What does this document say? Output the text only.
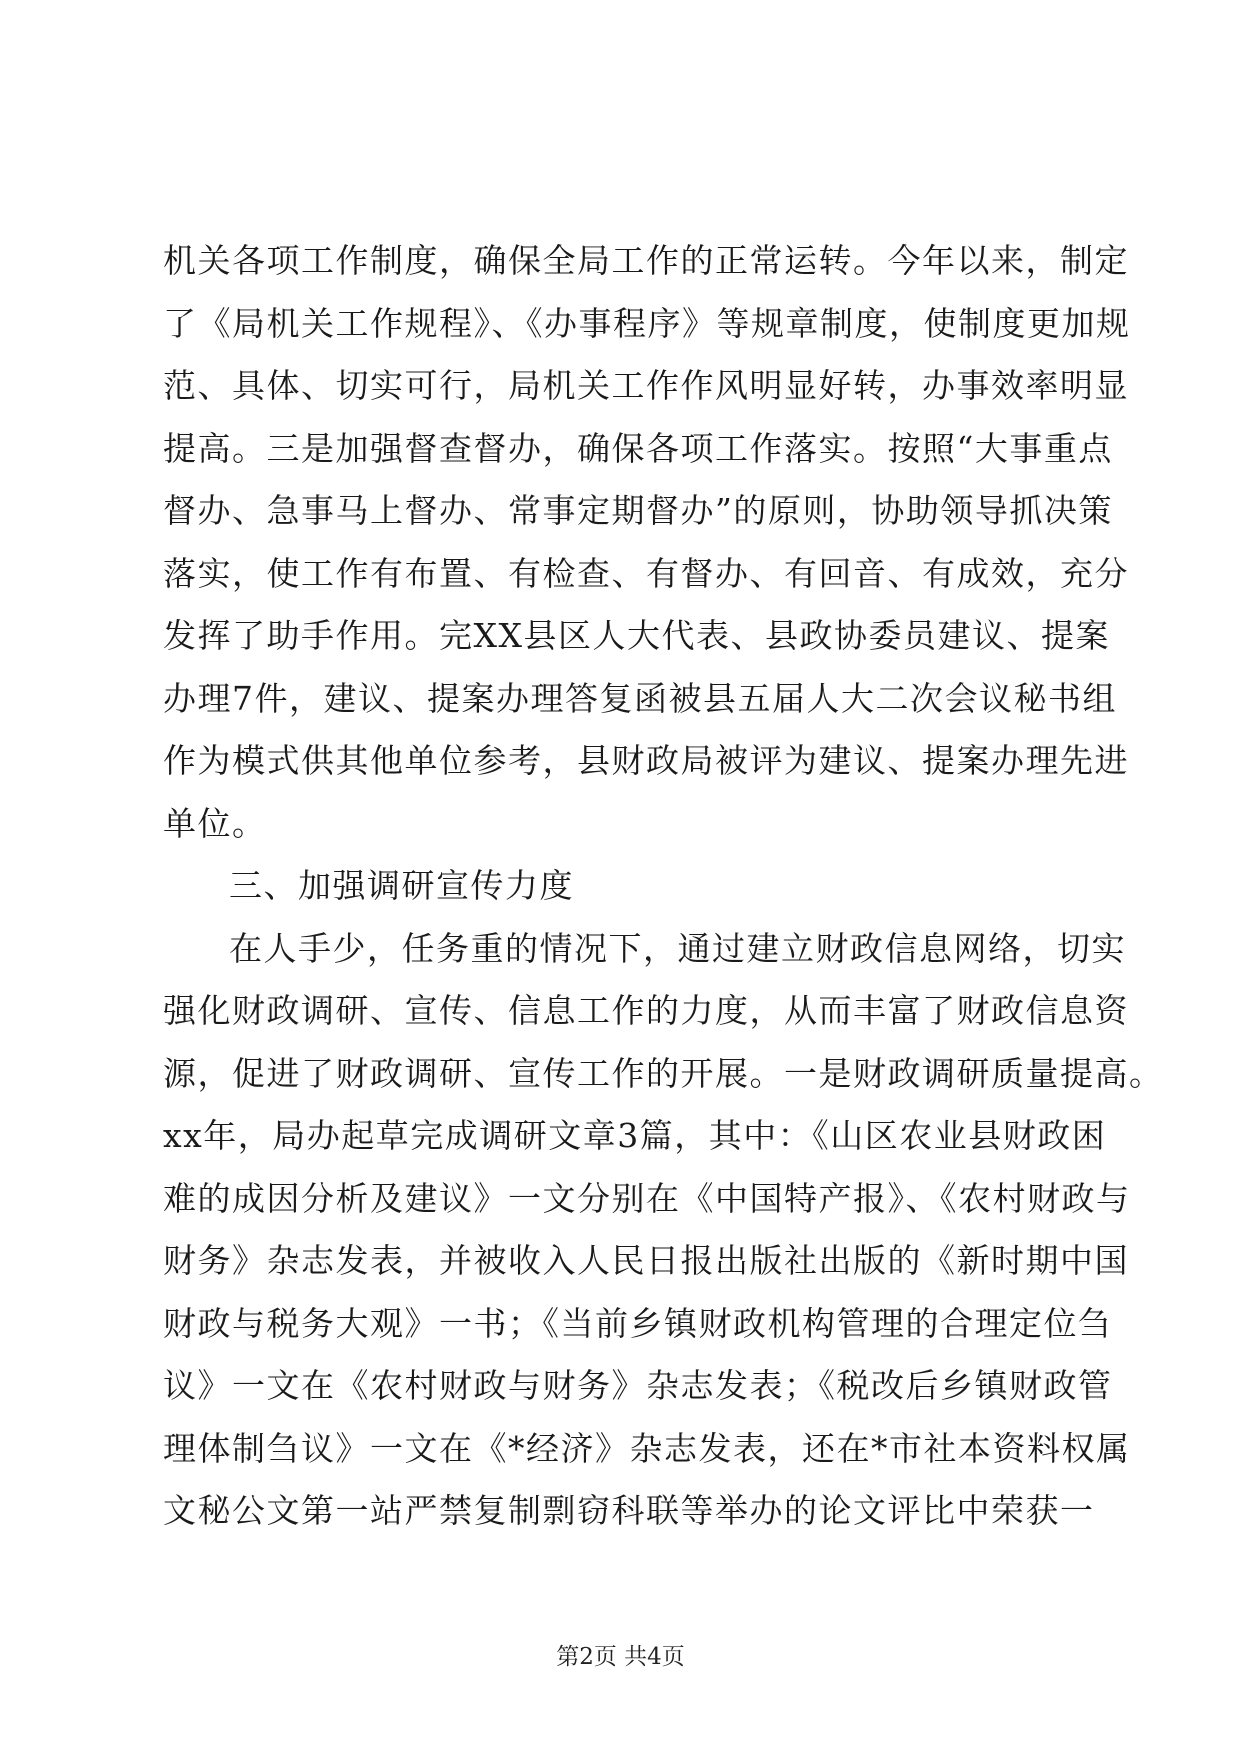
机关各项工作制度，确保全局工作的正常运转。今年以来，制定
了《局机关工作规程》、《办事程序》等规章制度，使制度更加规
范、具体、切实可行，局机关工作作风明显好转，办事效率明显
提高。三是加强督查督办，确保各项工作落实。按照“大事重点
督办、急事马上督办、常事定期督办”的原则，协助领导抓决策
落实，使工作有布置、有检查、有督办、有回音、有成效，充分
发挥了助手作用。完XX县区人大代表、县政协委员建议、提案
办理7件，建议、提案办理答复函被县五届人大二次会议秘书组
作为模式供其他单位参考，县财政局被评为建议、提案办理先进
单位。
三、加强调研宣传力度
在人手少，任务重的情况下，通过建立财政信息网络，切实
强化财政调研、宣传、信息工作的力度，从而丰富了财政信息资
源，促进了财政调研、宣传工作的开展。一是财政调研质量提高。
xx年，局办起草完成调研文章3篇，其中：《山区农业县财政困
难的成因分析及建议》一文分别在《中国特产报》、《农村财政与
财务》杂志发表，并被收入人民日报出版社出版的《新时期中国
财政与税务大观》一书；《当前乡镇财政机构管理的合理定位刍
议》一文在《农村财政与财务》杂志发表；《税改后乡镇财政管
理体制刍议》一文在《*经济》杂志发表，还在*市社本资料权属
文秘公文第一站严禁复制剽窃科联等举办的论文评比中荣获一
第2页 共4页
